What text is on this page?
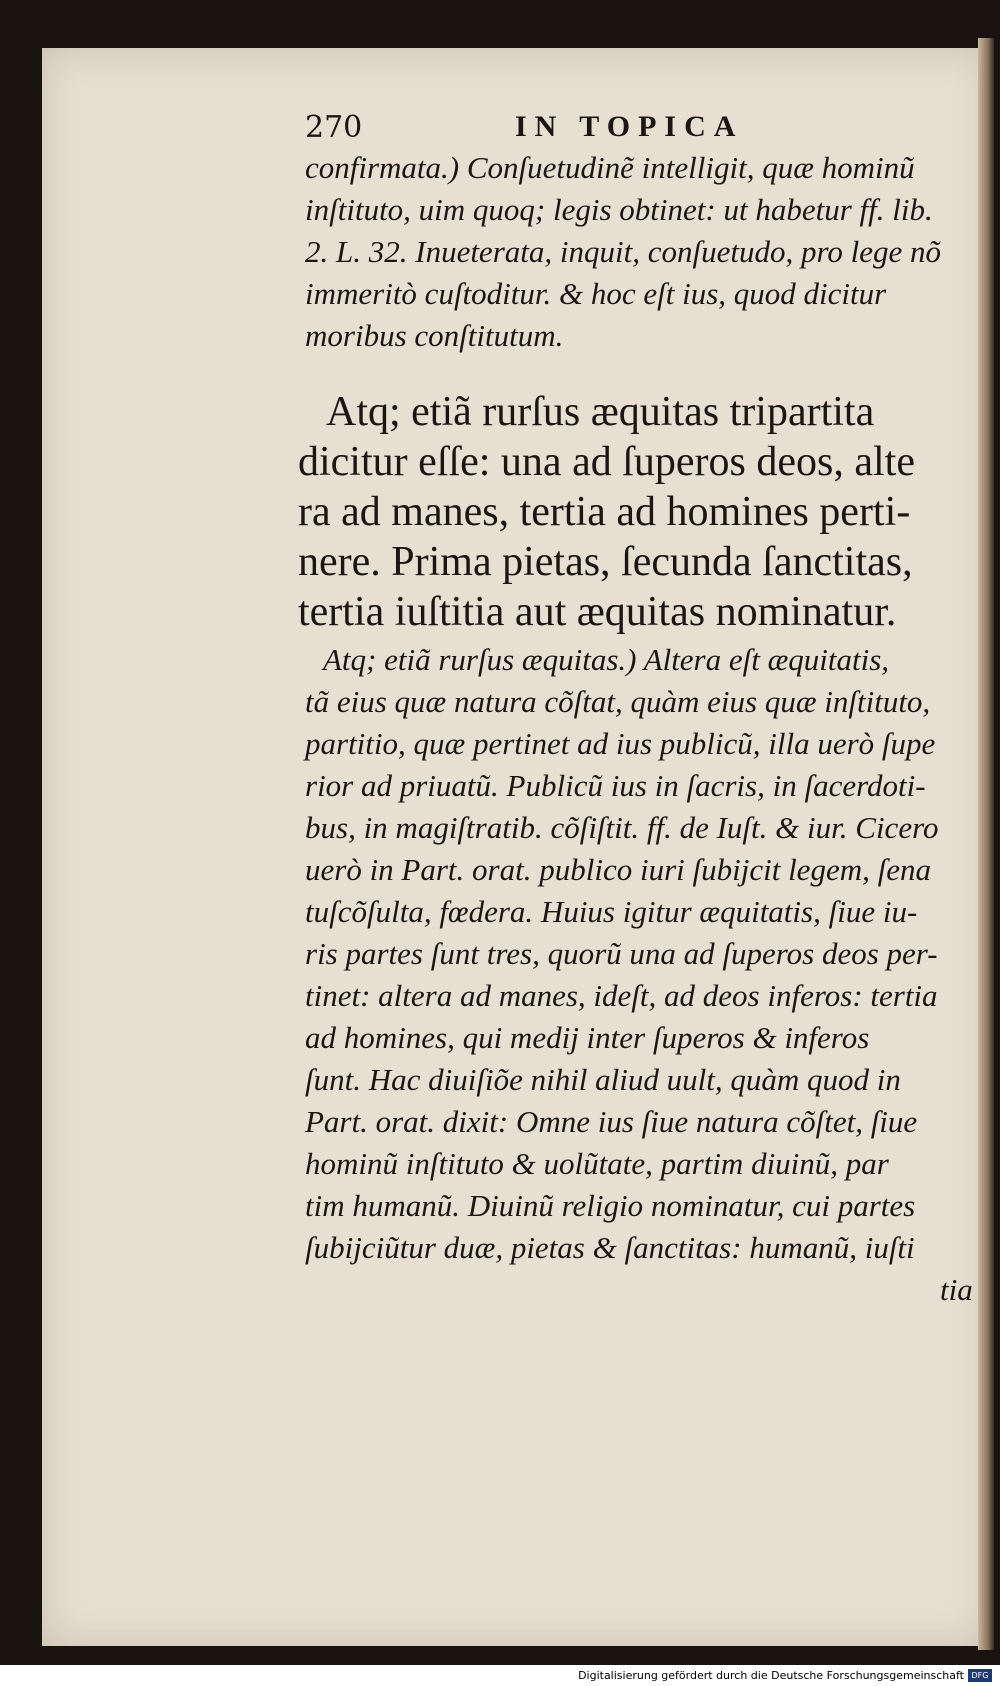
270	IN TOPICA
confirmata.) Conſuetudinẽ intelligit, quæ hominũ
inſtituto, uim quoq; legis obtinet: ut habetur ff. lib.
2. L. 32. Inueterata, inquit, conſuetudo, pro lege nõ
immeritò cuſtoditur. & hoc eſt ius, quod dicitur
moribus conſtitutum.
Atq; etiã rurſus æquitas tripartita
dicitur eſſe: una ad ſuperos deos, alte
ra ad manes, tertia ad homines perti-
nere. Prima pietas, ſecunda ſanctitas,
tertia iuſtitia aut æquitas nominatur.
Atq; etiã rurſus æquitas.) Altera eſt æquitatis,
tã eius quæ natura cõſtat, quàm eius quæ inſtituto,
partitio, quæ pertinet ad ius publicũ, illa uerò ſupe
rior ad priuatũ. Publicũ ius in ſacris, in ſacerdoti-
bus, in magiſtratib. cõſiſtit. ff. de Iuſt. & iur. Cicero
uerò in Part. orat. publico iuri ſubijcit legem, ſena
tuſcõſulta, fœdera. Huius igitur æquitatis, ſiue iu-
ris partes ſunt tres, quorũ una ad ſuperos deos per-
tinet: altera ad manes, ideſt, ad deos inferos: tertia
ad homines, qui medij inter ſuperos & inferos
ſunt. Hac diuiſiõe nihil aliud uult, quàm quod in
Part. orat. dixit: Omne ius ſiue natura cõſtet, ſiue
hominũ inſtituto & uolũtate, partim diuinũ, par
tim humanũ. Diuinũ religio nominatur, cui partes
ſubijciũtur duæ, pietas & ſanctitas: humanũ, iuſti
tia
Digitalisierung gefördert durch die Deutsche Forschungsgemeinschaft DFG
